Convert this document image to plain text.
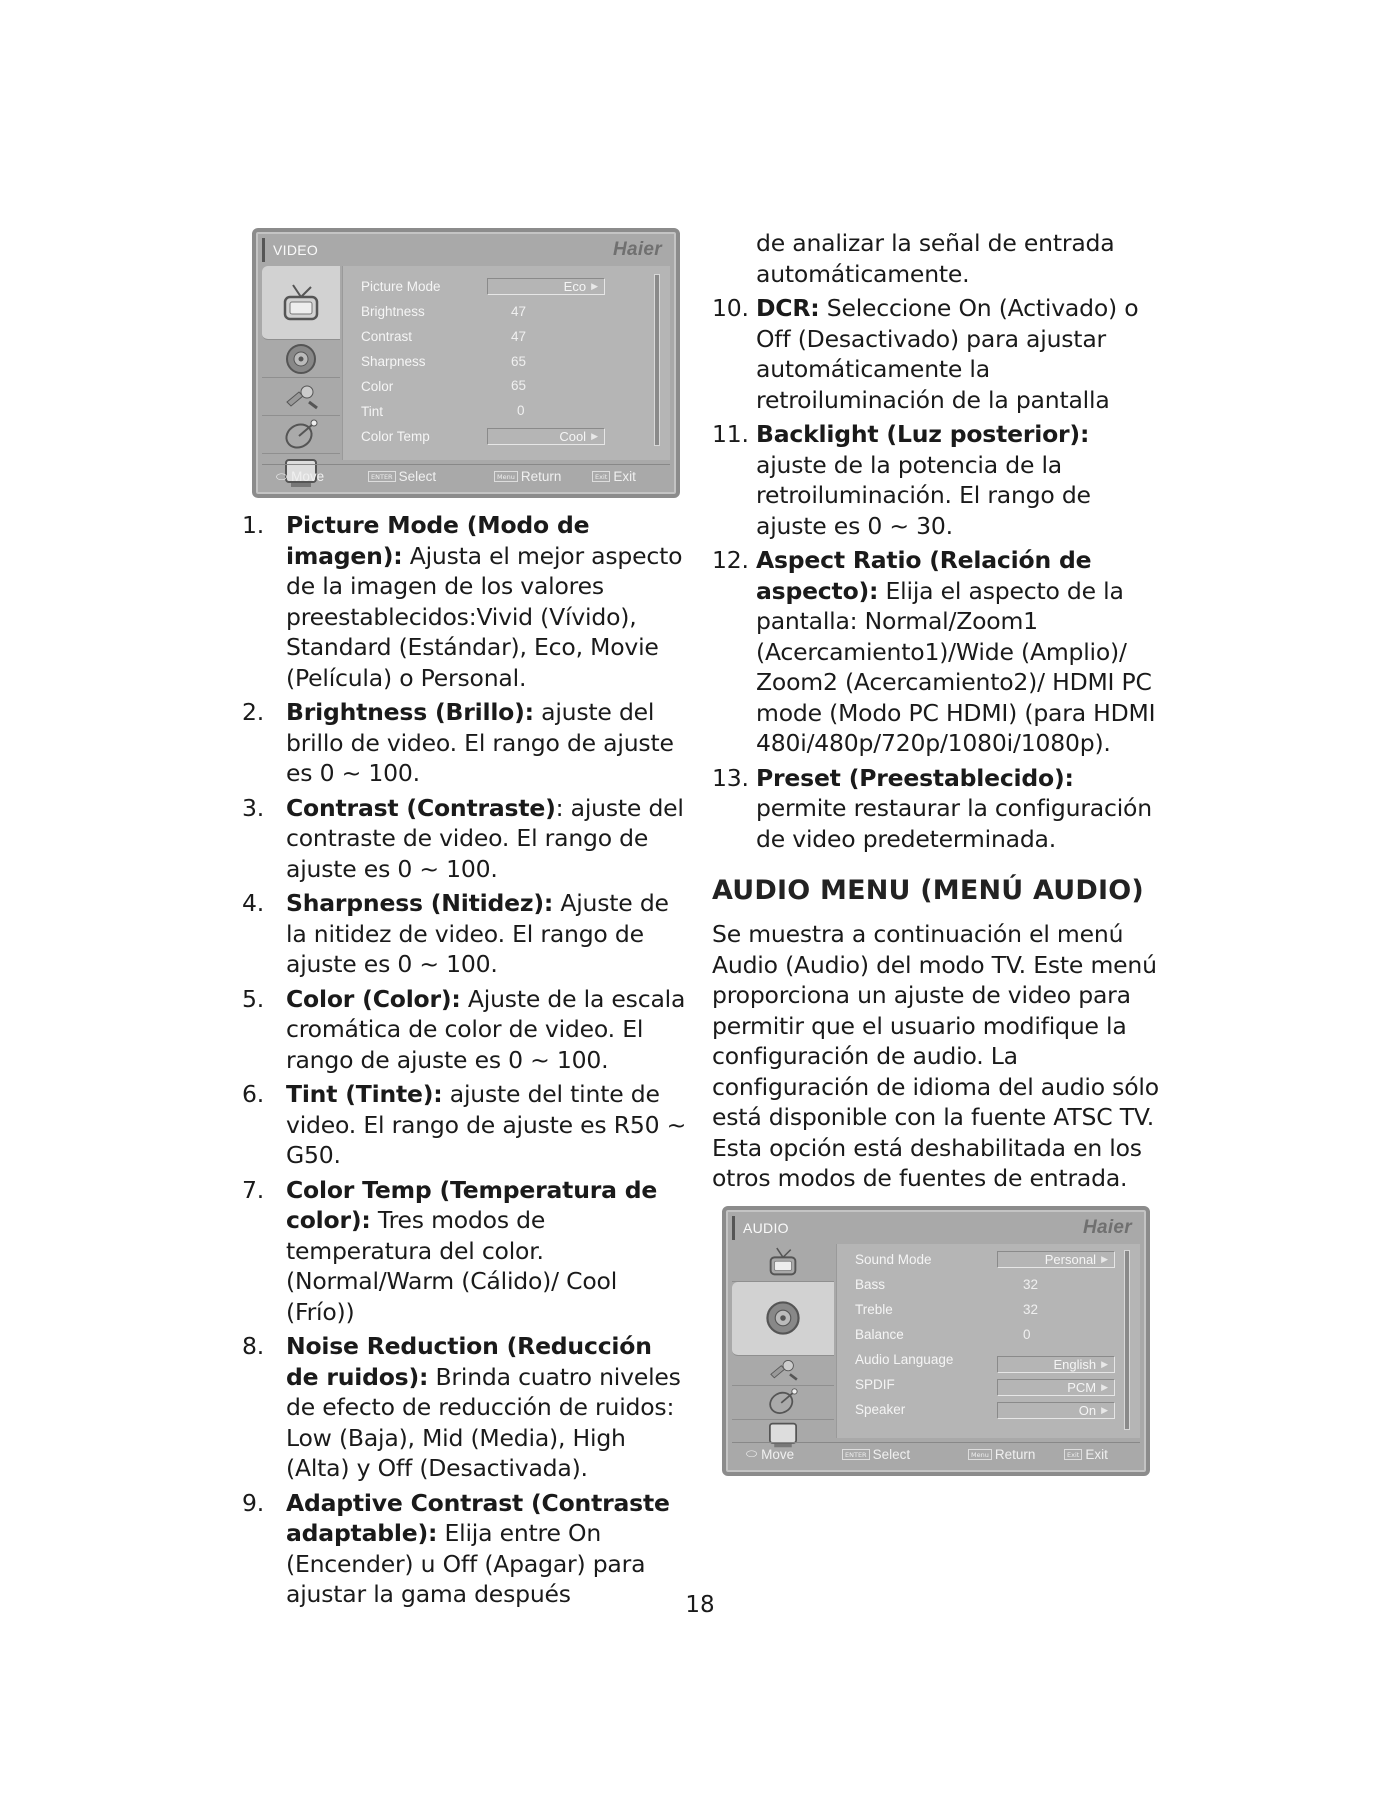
VIDEO	Haier
Picture Mode	Eco ▶
Brightness	47
Contrast	47
Sharpness	65
Color	65
Tint	0
Color Temp	Cool ▶
⬭ Move	ENTER Select	Menu Return	Exit Exit
1. Picture Mode (Modo de imagen): Ajusta el mejor aspecto de la imagen de los valores preestablecidos:Vivid (Vívido), Standard (Estándar), Eco, Movie (Película) o Personal.
2. Brightness (Brillo): ajuste del brillo de video. El rango de ajuste es 0 ~ 100.
3. Contrast (Contraste): ajuste del contraste de video. El rango de ajuste es 0 ~ 100.
4. Sharpness (Nitidez): Ajuste de la nitidez de video. El rango de ajuste es 0 ~ 100.
5. Color (Color): Ajuste de la escala cromática de color de video. El rango de ajuste es 0 ~ 100.
6. Tint (Tinte): ajuste del tinte de video. El rango de ajuste es R50 ~ G50.
7. Color Temp (Temperatura de color): Tres modos de temperatura del color. (Normal/Warm (Cálido)/ Cool (Frío))
8. Noise Reduction (Reducción de ruidos): Brinda cuatro niveles de efecto de reducción de ruidos: Low (Baja), Mid (Media), High (Alta) y Off (Desactivada).
9. Adaptive Contrast (Contraste adaptable): Elija entre On (Encender) u Off (Apagar) para ajustar la gama después
de analizar la señal de entrada automáticamente.
10. DCR: Seleccione On (Activado) o Off (Desactivado) para ajustar automáticamente la retroiluminación de la pantalla
11. Backlight (Luz posterior): ajuste de la potencia de la retroiluminación. El rango de ajuste es 0 ~ 30.
12. Aspect Ratio (Relación de aspecto): Elija el aspecto de la pantalla: Normal/Zoom1 (Acercamiento1)/Wide (Amplio)/ Zoom2 (Acercamiento2)/ HDMI PC mode (Modo PC HDMI) (para HDMI 480i/480p/720p/1080i/1080p).
13. Preset (Preestablecido): permite restaurar la configuración de video predeterminada.
AUDIO MENU (MENÚ AUDIO)

Se muestra a continuación el menú Audio (Audio) del modo TV. Este menú proporciona un ajuste de video para permitir que el usuario modifique la configuración de audio. La configuración de idioma del audio sólo está disponible con la fuente ATSC TV. Esta opción está deshabilitada en los otros modos de fuentes de entrada.

AUDIO	Haier
Sound Mode	Personal ▶
Bass	32
Treble	32
Balance	0
Audio Language	English ▶
SPDIF	PCM ▶
Speaker	On ▶
⬭ Move	ENTER Select	Menu Return	Exit Exit
18
